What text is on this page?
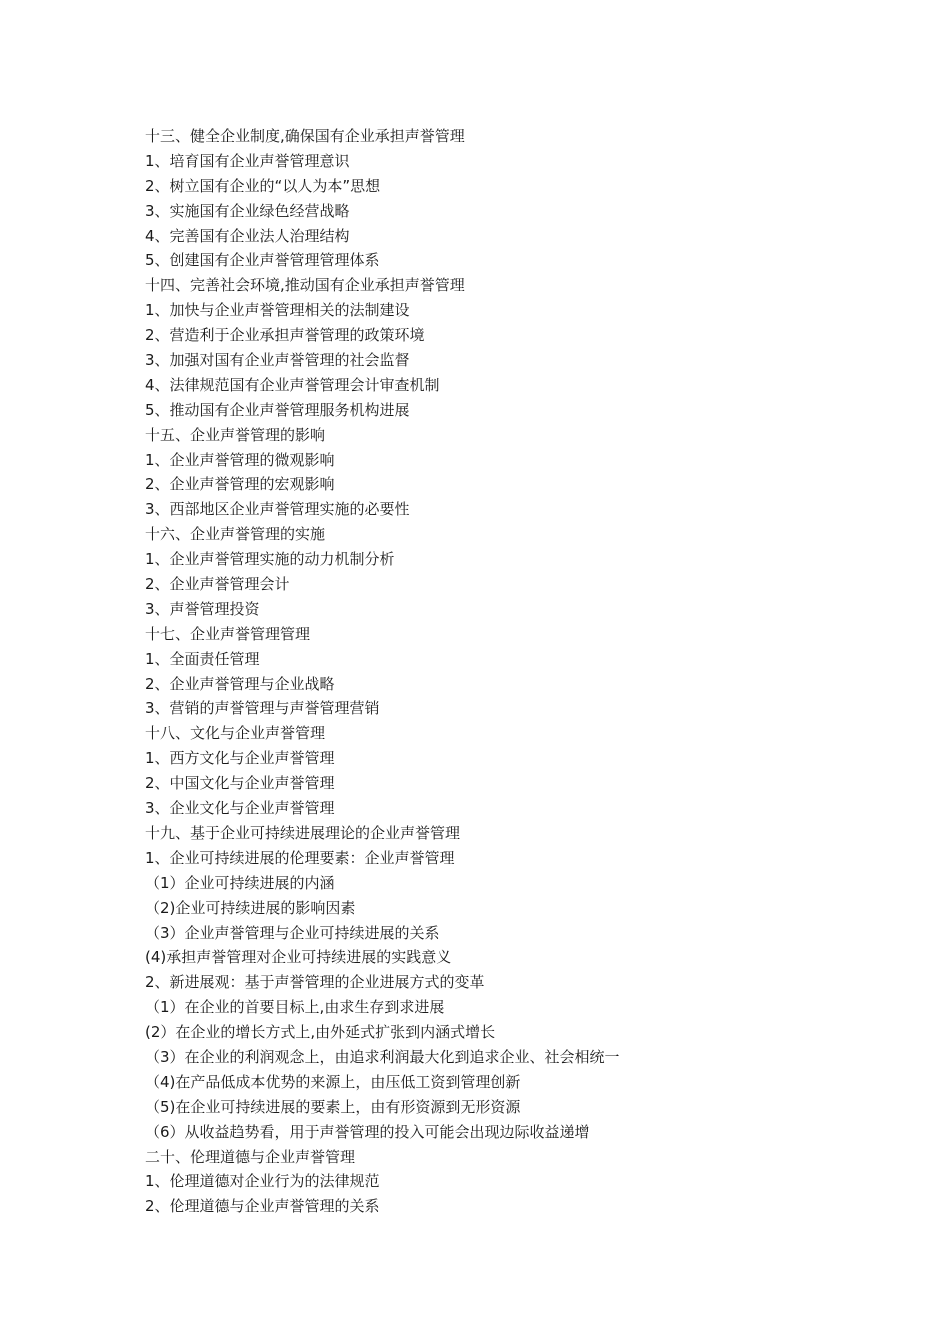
十三、健全企业制度,确保国有企业承担声誉管理

1、培育国有企业声誉管理意识

2、树立国有企业的“以人为本”思想

3、实施国有企业绿色经营战略

4、完善国有企业法人治理结构

5、创建国有企业声誉管理管理体系

十四、完善社会环境,推动国有企业承担声誉管理

1、加快与企业声誉管理相关的法制建设

2、营造利于企业承担声誉管理的政策环境

3、加强对国有企业声誉管理的社会监督

4、法律规范国有企业声誉管理会计审查机制

5、推动国有企业声誉管理服务机构进展

十五、企业声誉管理的影响

1、企业声誉管理的微观影响

2、企业声誉管理的宏观影响

3、西部地区企业声誉管理实施的必要性

十六、企业声誉管理的实施

1、企业声誉管理实施的动力机制分析

2、企业声誉管理会计

3、声誉管理投资

十七、企业声誉管理管理

1、全面责任管理

2、企业声誉管理与企业战略

3、营销的声誉管理与声誉管理营销

十八、文化与企业声誉管理

1、西方文化与企业声誉管理

2、中国文化与企业声誉管理

3、企业文化与企业声誉管理

十九、基于企业可持续进展理论的企业声誉管理

1、企业可持续进展的伦理要素：企业声誉管理

（1）企业可持续进展的内涵

（2)企业可持续进展的影响因素

（3）企业声誉管理与企业可持续进展的关系

(4)承担声誉管理对企业可持续进展的实践意义

2、新进展观：基于声誉管理的企业进展方式的变革

（1）在企业的首要目标上,由求生存到求进展

(2）在企业的增长方式上,由外延式扩张到内涵式增长

（3）在企业的利润观念上，由追求利润最大化到追求企业、社会相统一

（4)在产品低成本优势的来源上，由压低工资到管理创新

（5)在企业可持续进展的要素上，由有形资源到无形资源

（6）从收益趋势看，用于声誉管理的投入可能会出现边际收益递增

二十、伦理道德与企业声誉管理

1、伦理道德对企业行为的法律规范

2、伦理道德与企业声誉管理的关系
